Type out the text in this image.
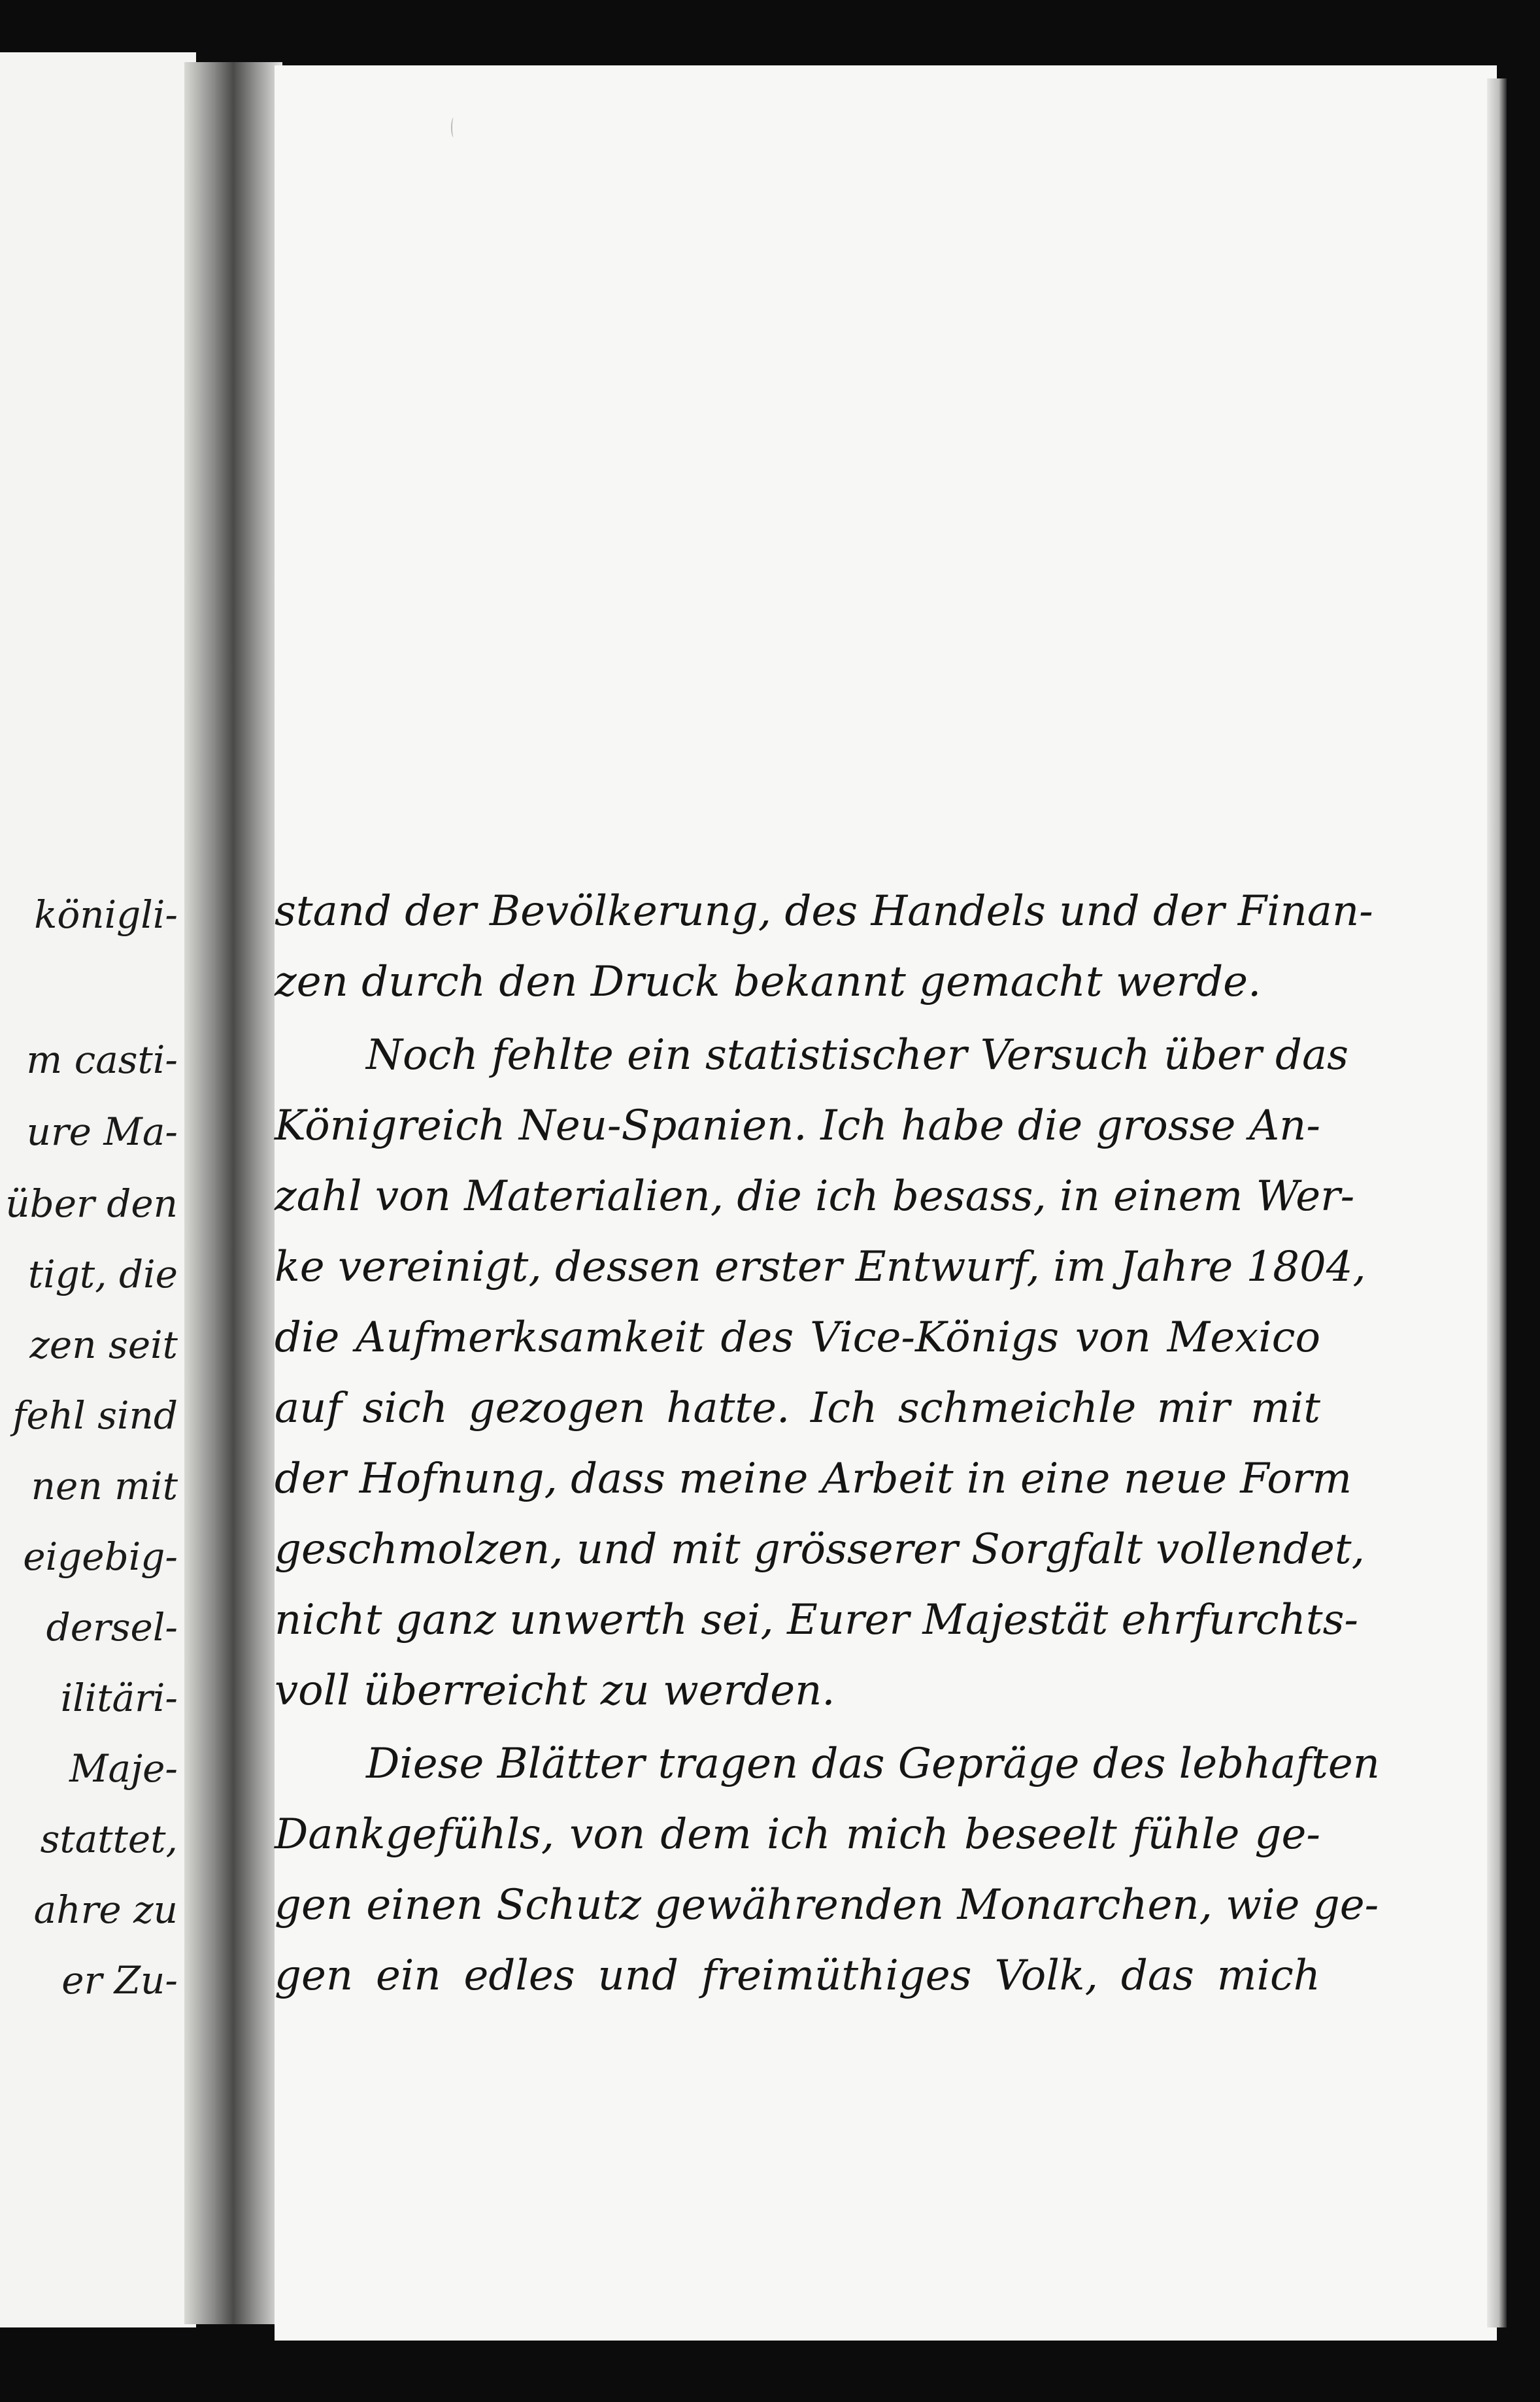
königli-
m casti-
ure Ma-
über den
tigt, die
zen seit
fehl sind
nen mit
eigebig-
dersel-
ilitäri-
Maje-
stattet,
ahre zu
er Zu-
stand der Bevölkerung, des Handels und der Finan-
zen durch den Druck bekannt gemacht werde.
Noch fehlte ein statistischer Versuch über das
Königreich Neu-Spanien. Ich habe die grosse An-
zahl von Materialien, die ich besass, in einem Wer-
ke vereinigt, dessen erster Entwurf, im Jahre 1804,
die Aufmerksamkeit des Vice-Königs von Mexico
auf sich gezogen hatte. Ich schmeichle mir mit
der Hofnung, dass meine Arbeit in eine neue Form
geschmolzen, und mit grösserer Sorgfalt vollendet,
nicht ganz unwerth sei, Eurer Majestät ehrfurchts-
voll überreicht zu werden.
Diese Blätter tragen das Gepräge des lebhaften
Dankgefühls, von dem ich mich beseelt fühle ge-
gen einen Schutz gewährenden Monarchen, wie ge-
gen ein edles und freimüthiges Volk, das mich
